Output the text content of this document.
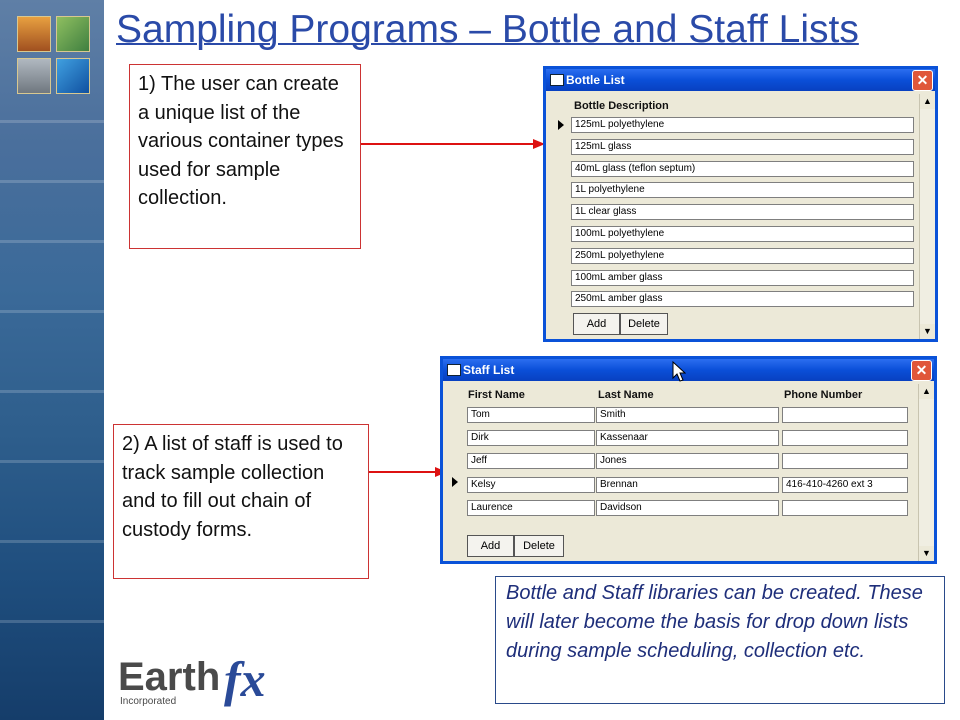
Sampling Programs – Bottle and Staff Lists
1) The user can create a unique list of the various container types used for sample collection.
Bottle List	✕
Bottle Description
Add	Delete
▲
▼
125mL polyethylene
125mL glass
40mL glass (teflon septum)
1L polyethylene
1L clear glass
100mL polyethylene
250mL polyethylene
100mL amber glass
250mL amber glass
2) A list of staff is used to track sample collection and to fill out chain of custody forms.
Staff List	✕
First Name	Last Name	Phone Number
Add	Delete
▲
▼
Tom	Smith
Dirk	Kassenaar
Jeff	Jones
Kelsy	Brennan	416-410-4260 ext 3
Laurence	Davidson
Bottle and Staff libraries can be created. These will later become the basis for drop down lists during sample scheduling, collection etc.
Earth fx
Incorporated
